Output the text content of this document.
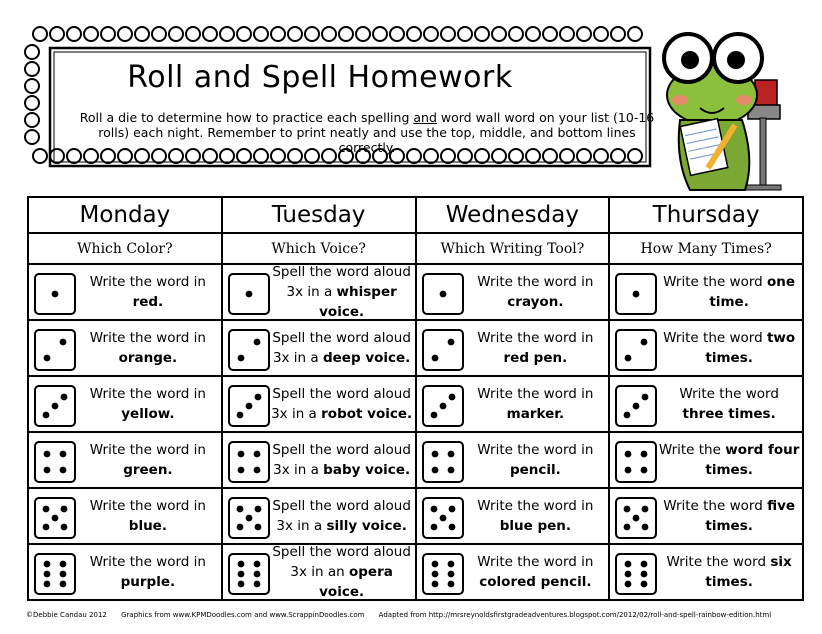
Roll and Spell Homework
Roll a die to determine how to practice each spelling and word wall word on your list (10-16 rolls) each night. Remember to print neatly and use the top, middle, and bottom lines correctly.
Monday	Tuesday	Wednesday	Thursday
Which Color?	Which Voice?	Which Writing Tool?	How Many Times?

Write the word in red.	Spell the word aloud 3x in a whisper voice.	Write the word in crayon.	Write the word one time.

Write the word in orange.	Spell the word aloud 3x in a deep voice.	Write the word in red pen.	Write the word two times.

Write the word in yellow.	Spell the word aloud 3x in a robot voice.	Write the word in marker.	Write the word three times.

Write the word in green.	Spell the word aloud 3x in a baby voice.	Write the word in pencil.	Write the word four times.

Write the word in blue.	Spell the word aloud 3x in a silly voice.	Write the word in blue pen.	Write the word five times.

Write the word in purple.	Spell the word aloud 3x in an opera voice.	Write the word in colored pencil.	Write the word six times.
©Debbie Candau 2012 Graphics from www.KPMDoodles.com and www.ScrappinDoodles.com Adapted from http://mrsreynoldsfirstgradeadventures.blogspot.com/2012/02/roll-and-spell-rainbow-edition.html
